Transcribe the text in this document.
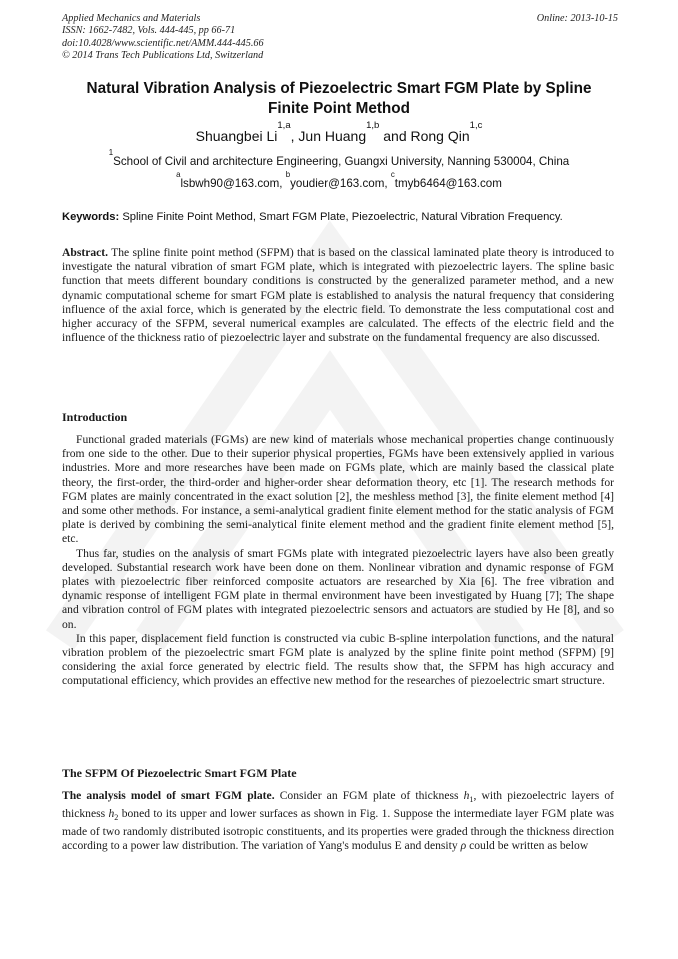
Applied Mechanics and Materials
ISSN: 1662-7482, Vols. 444-445, pp 66-71
doi:10.4028/www.scientific.net/AMM.444-445.66
© 2014 Trans Tech Publications Ltd, Switzerland
Online: 2013-10-15
Natural Vibration Analysis of Piezoelectric Smart FGM Plate by Spline
Finite Point Method
Shuangbei Li$^{1,a}$, Jun Huang$^{1,b}$ and Rong Qin$^{1,c}$
$^1$School of Civil and architecture Engineering, Guangxi University, Nanning 530004, China
$^a$lsbwh90@163.com, $^b$youdier@163.com, $^c$tmyb6464@163.com
Keywords: Spline Finite Point Method, Smart FGM Plate, Piezoelectric, Natural Vibration Frequency.

Abstract. The spline finite point method (SFPM) that is based on the classical laminated plate theory is introduced to investigate the natural vibration of smart FGM plate, which is integrated with piezoelectric layers. The spline basic function that meets different boundary conditions is constructed by the generalized parameter method, and a new dynamic computational scheme for smart FGM plate is established to analysis the natural frequency that considering influence of the axial force, which is generated by the electric field. To demonstrate the less computational cost and higher accuracy of the SFPM, several numerical examples are calculated. The effects of the electric field and the influence of the thickness ratio of piezoelectric layer and substrate on the fundamental frequency are also discussed.

Introduction

Functional graded materials (FGMs) are new kind of materials whose mechanical properties change continuously from one side to the other. Due to their superior physical properties, FGMs have been extensively applied in various industries. More and more researches have been made on FGMs plate, which are mainly based the classical plate theory, the first-order, the third-order and higher-order shear deformation theory, etc [1]. The research methods for FGM plates are mainly concentrated in the exact solution [2], the meshless method [3], the finite element method [4] and some other methods. For instance, a semi-analytical gradient finite element method for the static analysis of FGM plate is derived by combining the semi-analytical finite element method and the gradient finite element method [5], etc.

Thus far, studies on the analysis of smart FGMs plate with integrated piezoelectric layers have also been greatly developed. Substantial research work have been done on them. Nonlinear vibration and dynamic response of FGM plates with piezoelectric fiber reinforced composite actuators are researched by Xia [6]. The free vibration and dynamic response of intelligent FGM plate in thermal environment have been investigated by Huang [7]; The shape and vibration control of FGM plates with integrated piezoelectric sensors and actuators are studied by He [8], and so on.

In this paper, displacement field function is constructed via cubic B-spline interpolation functions, and the natural vibration problem of the piezoelectric smart FGM plate is analyzed by the spline finite point method (SFPM) [9] considering the axial force generated by electric field. The results show that, the SFPM has high accuracy and computational efficiency, which provides an effective new method for the researches of piezoelectric smart structure.

The SFPM Of Piezoelectric Smart FGM Plate

The analysis model of smart FGM plate. Consider an FGM plate of thickness $h_1$, with piezoelectric layers of thickness $h_2$ boned to its upper and lower surfaces as shown in Fig. 1. Suppose the intermediate layer FGM plate was made of two randomly distributed isotropic constituents, and its properties were graded through the thickness direction according to a power law distribution. The variation of Yang's modulus E and density ρ could be written as below
